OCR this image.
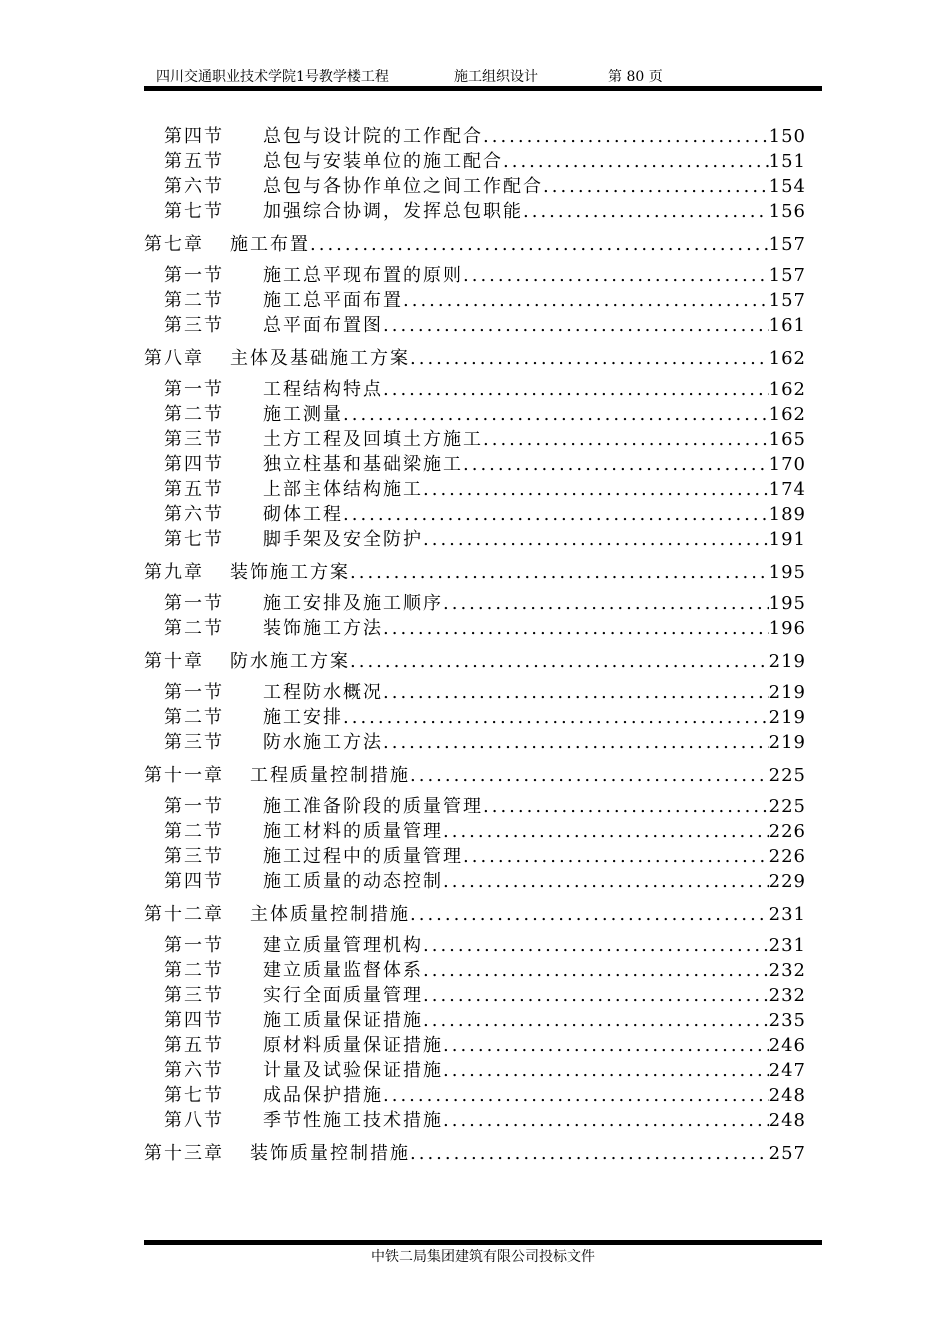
四川交通职业技术学院1号教学楼工程	施工组织设计	第 80 页
第四节	总包与设计院的工作配合 .....	150
第五节	总包与安装单位的施工配合 .....	151
第六节	总包与各协作单位之间工作配合 .....	154
第七节	加强综合协调，发挥总包职能 .....	156
第七章 施工布置 .....	157
第一节	施工总平现布置的原则 .....	157
第二节	施工总平面布置 .....	157
第三节	总平面布置图 .....	161
第八章 主体及基础施工方案 .....	162
第一节	工程结构特点 .....	162
第二节	施工测量 .....	162
第三节	土方工程及回填土方施工 .....	165
第四节	独立柱基和基础梁施工 .....	170
第五节	上部主体结构施工 .....	174
第六节	砌体工程 .....	189
第七节	脚手架及安全防护 .....	191
第九章 装饰施工方案 .....	195
第一节	施工安排及施工顺序 .....	195
第二节	装饰施工方法 .....	196
第十章 防水施工方案 .....	219
第一节	工程防水概况 .....	219
第二节	施工安排 .....	219
第三节	防水施工方法 .....	219
第十一章 工程质量控制措施 .....	225
第一节	施工准备阶段的质量管理 .....	225
第二节	施工材料的质量管理 .....	226
第三节	施工过程中的质量管理 .....	226
第四节	施工质量的动态控制 .....	229
第十二章 主体质量控制措施 .....	231
第一节	建立质量管理机构 .....	231
第二节	建立质量监督体系 .....	232
第三节	实行全面质量管理 .....	232
第四节	施工质量保证措施 .....	235
第五节	原材料质量保证措施 .....	246
第六节	计量及试验保证措施 .....	247
第七节	成品保护措施 .....	248
第八节	季节性施工技术措施 .....	248
第十三章 装饰质量控制措施 .....	257
中铁二局集团建筑有限公司投标文件
